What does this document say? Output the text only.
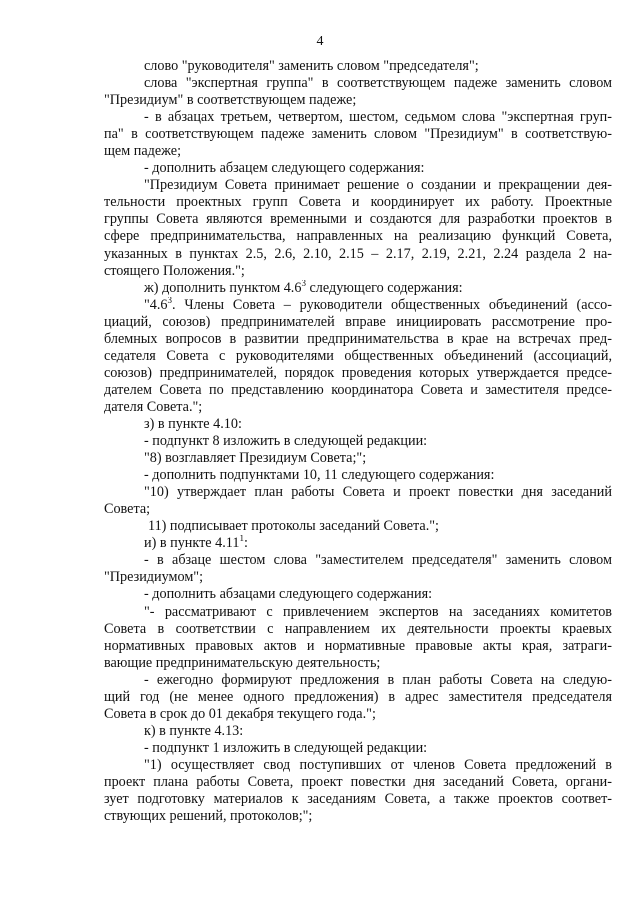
4
слово "руководителя" заменить словом "председателя";
слова "экспертная группа" в соответствующем падеже заменить словом
"Президиум" в соответствующем падеже;
- в абзацах третьем, четвертом, шестом, седьмом слова "экспертная груп-
па" в соответствующем падеже заменить словом "Президиум" в соответствую-
щем падеже;
- дополнить абзацем следующего содержания:
"Президиум Совета принимает решение о создании и прекращении дея-
тельности проектных групп Совета и координирует их работу. Проектные
группы Совета являются временными и создаются для разработки проектов в
сфере предпринимательства, направленных на реализацию функций Совета,
указанных в пунктах 2.5, 2.6, 2.10, 2.15 – 2.17, 2.19, 2.21, 2.24 раздела 2 на-
стоящего Положения.";
ж) дополнить пунктом $4.6^3$ следующего содержания:
"$4.6^3$. Члены Совета – руководители общественных объединений (ассо-
циаций, союзов) предпринимателей вправе инициировать рассмотрение про-
блемных вопросов в развитии предпринимательства в крае на встречах пред-
седателя Совета с руководителями общественных объединений (ассоциаций,
союзов) предпринимателей, порядок проведения которых утверждается предсе-
дателем Совета по представлению координатора Совета и заместителя предсе-
дателя Совета.";
з) в пункте 4.10:
- подпункт 8 изложить в следующей редакции:
"8) возглавляет Президиум Совета;";
- дополнить подпунктами 10, 11 следующего содержания:
"10) утверждает план работы Совета и проект повестки дня заседаний
Совета;
11) подписывает протоколы заседаний Совета.";
и) в пункте 4.11$^1$:
- в абзаце шестом слова "заместителем председателя" заменить словом
"Президиумом";
- дополнить абзацами следующего содержания:
"- рассматривают с привлечением экспертов на заседаниях комитетов
Совета в соответствии с направлением их деятельности проекты краевых
нормативных правовых актов и нормативные правовые акты края, затраги-
вающие предпринимательскую деятельность;
- ежегодно формируют предложения в план работы Совета на следую-
щий год (не менее одного предложения) в адрес заместителя председателя
Совета в срок до 01 декабря текущего года.";
к) в пункте 4.13:
- подпункт 1 изложить в следующей редакции:
"1) осуществляет свод поступивших от членов Совета предложений в
проект плана работы Совета, проект повестки дня заседаний Совета, органи-
зует подготовку материалов к заседаниям Совета, а также проектов соответ-
ствующих решений, протоколов;";
